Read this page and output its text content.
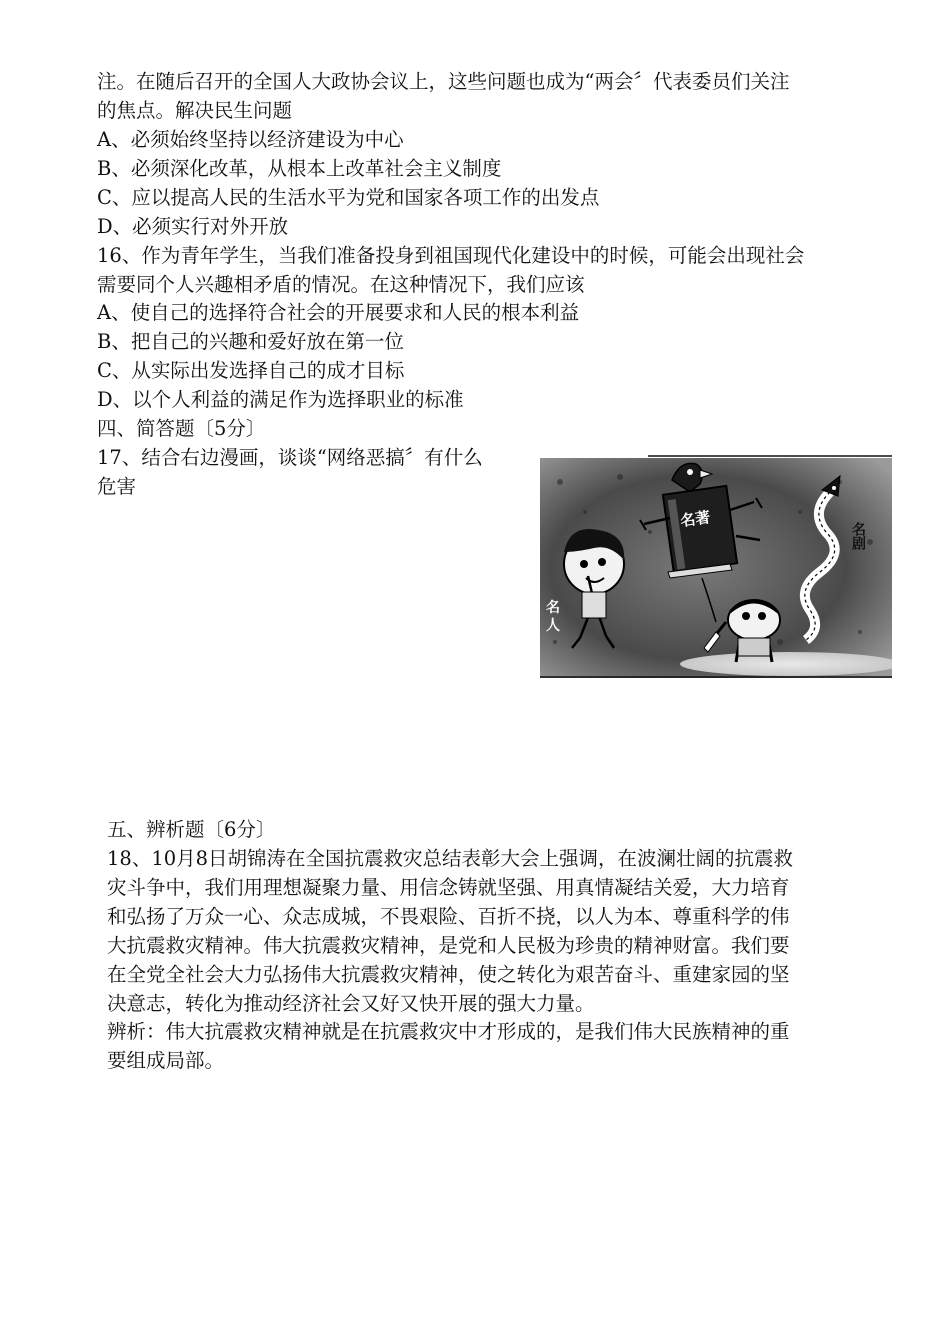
注。在随后召开的全国人大政协会议上，这些问题也成为“两会〞代表委员们关注
的焦点。解决民生问题
A、必须始终坚持以经济建设为中心
B、必须深化改革，从根本上改革社会主义制度
C、应以提高人民的生活水平为党和国家各项工作的出发点
D、必须实行对外开放
16、作为青年学生，当我们准备投身到祖国现代化建设中的时候，可能会出现社会
需要同个人兴趣相矛盾的情况。在这种情况下，我们应该
A、使自己的选择符合社会的开展要求和人民的根本利益
B、把自己的兴趣和爱好放在第一位
C、从实际出发选择自己的成才目标
D、以个人利益的满足作为选择职业的标准
四、简答题〔5分〕
17、结合右边漫画，谈谈“网络恶搞〞有什么
危害
名著
名剧
名
人
五、辨析题〔6分〕
18、10月8日胡锦涛在全国抗震救灾总结表彰大会上强调，在波澜壮阔的抗震救
灾斗争中，我们用理想凝聚力量、用信念铸就坚强、用真情凝结关爱，大力培育
和弘扬了万众一心、众志成城，不畏艰险、百折不挠，以人为本、尊重科学的伟
大抗震救灾精神。伟大抗震救灾精神，是党和人民极为珍贵的精神财富。我们要
在全党全社会大力弘扬伟大抗震救灾精神，使之转化为艰苦奋斗、重建家园的坚
决意志，转化为推动经济社会又好又快开展的强大力量。
辨析：伟大抗震救灾精神就是在抗震救灾中才形成的，是我们伟大民族精神的重
要组成局部。
